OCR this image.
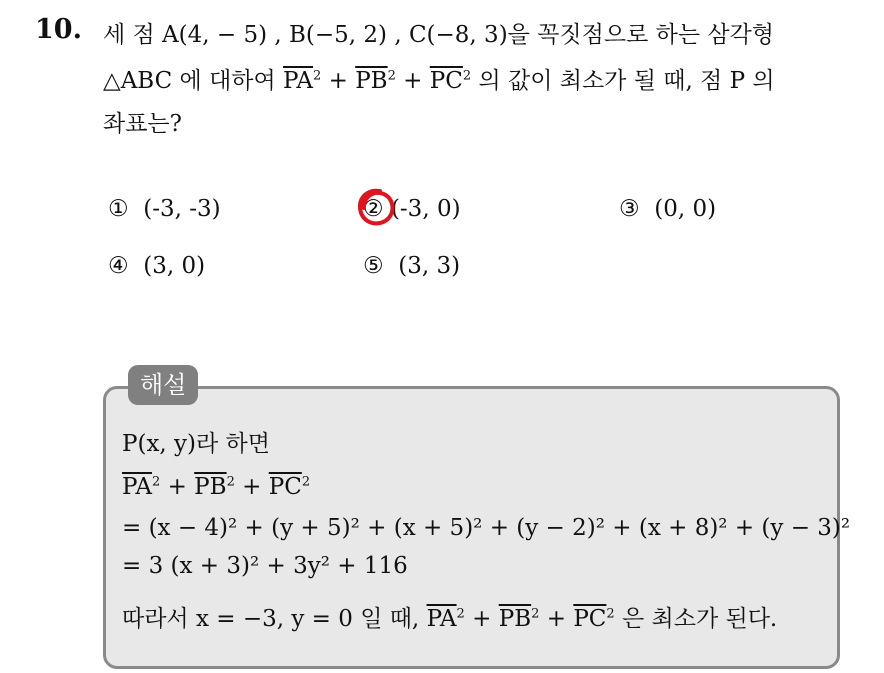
10. 세 점 A(4, − 5) , B(−5, 2) , C(−8, 3)을 꼭짓점으로 하는 삼각형
△ABC 에 대하여 $\overline{PA}^2 + \overline{PB}^2 + \overline{PC}^2$ 의 값이 최소가 될 때, 점 P 의
좌표는?
① (-3, -3)	② (-3, 0)	③ (0, 0)
④ (3, 0)	⑤ (3, 3)
해설
P(x, y)라 하면
$\overline{PA}^2 + \overline{PB}^2 + \overline{PC}^2$
= (x − 4)² + (y + 5)² + (x + 5)² + (y − 2)² + (x + 8)² + (y − 3)²
= 3 (x + 3)² + 3y² + 116
따라서 x = −3, y = 0 일 때, $\overline{PA}^2 + \overline{PB}^2 + \overline{PC}^2$ 은 최소가 된다.
